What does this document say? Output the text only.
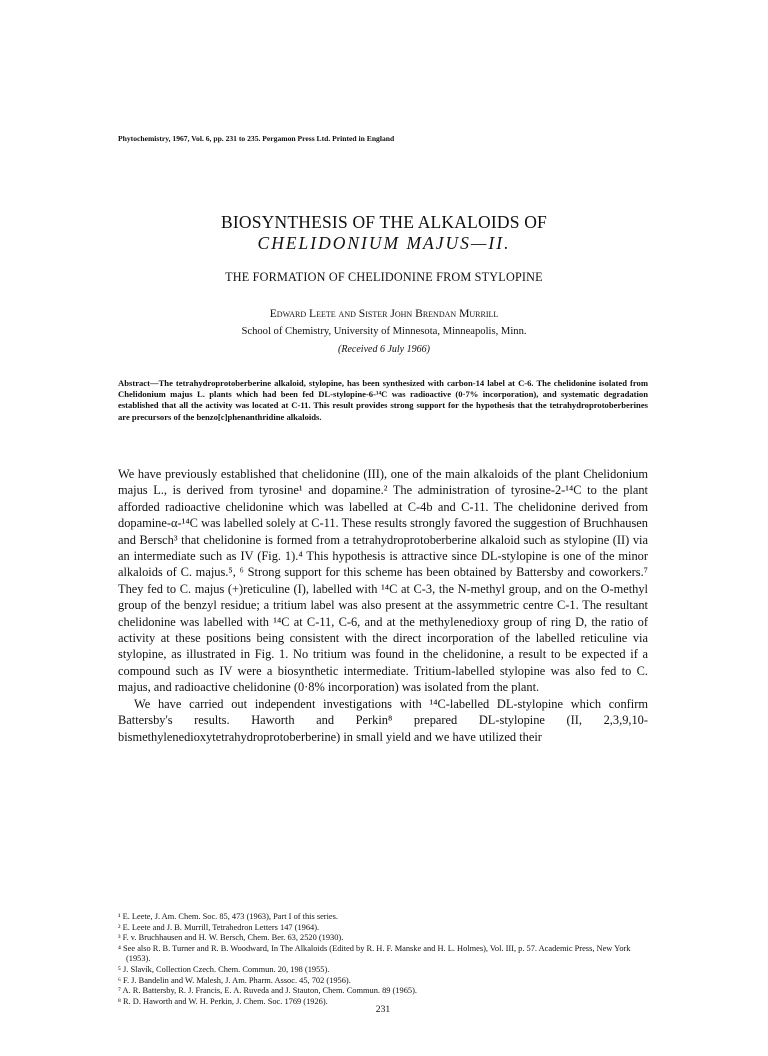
Phytochemistry, 1967, Vol. 6, pp. 231 to 235. Pergamon Press Ltd. Printed in England
BIOSYNTHESIS OF THE ALKALOIDS OF
CHELIDONIUM MAJUS—II.
THE FORMATION OF CHELIDONINE FROM STYLOPINE
Edward Leete and Sister John Brendan Murrill
School of Chemistry, University of Minnesota, Minneapolis, Minn.
(Received 6 July 1966)
Abstract—The tetrahydroprotoberberine alkaloid, stylopine, has been synthesized with carbon-14 label at C-6. The chelidonine isolated from Chelidonium majus L. plants which had been fed DL-stylopine-6-¹⁴C was radioactive (0·7% incorporation), and systematic degradation established that all the activity was located at C-11. This result provides strong support for the hypothesis that the tetrahydroprotoberberines are precursors of the benzo[c]phenanthridine alkaloids.

We have previously established that chelidonine (III), one of the main alkaloids of the plant Chelidonium majus L., is derived from tyrosine¹ and dopamine.² The administration of tyrosine-2-¹⁴C to the plant afforded radioactive chelidonine which was labelled at C-4b and C-11. The chelidonine derived from dopamine-α-¹⁴C was labelled solely at C-11. These results strongly favored the suggestion of Bruchhausen and Bersch³ that chelidonine is formed from a tetrahydroprotoberberine alkaloid such as stylopine (II) via an intermediate such as IV (Fig. 1).⁴ This hypothesis is attractive since DL-stylopine is one of the minor alkaloids of C. majus.⁵, ⁶ Strong support for this scheme has been obtained by Battersby and coworkers.⁷ They fed to C. majus (+)reticuline (I), labelled with ¹⁴C at C-3, the N-methyl group, and on the O-methyl group of the benzyl residue; a tritium label was also present at the assymmetric centre C-1. The resultant chelidonine was labelled with ¹⁴C at C-11, C-6, and at the methylenedioxy group of ring D, the ratio of activity at these positions being consistent with the direct incorporation of the labelled reticuline via stylopine, as illustrated in Fig. 1. No tritium was found in the chelidonine, a result to be expected if a compound such as IV were a biosynthetic intermediate. Tritium-labelled stylopine was also fed to C. majus, and radioactive chelidonine (0·8% incorporation) was isolated from the plant.

We have carried out independent investigations with ¹⁴C-labelled DL-stylopine which confirm Battersby's results. Haworth and Perkin⁸ prepared DL-stylopine (II, 2,3,9,10-bismethylenedioxytetrahydroprotoberberine) in small yield and we have utilized their

¹ E. Leete, J. Am. Chem. Soc. 85, 473 (1963), Part I of this series.
² E. Leete and J. B. Murrill, Tetrahedron Letters 147 (1964).
³ F. v. Bruchhausen and H. W. Bersch, Chem. Ber. 63, 2520 (1930).
⁴ See also R. B. Turner and R. B. Woodward, In The Alkaloids (Edited by R. H. F. Manske and H. L. Holmes), Vol. III, p. 57. Academic Press, New York (1953).
⁵ J. Slavík, Collection Czech. Chem. Commun. 20, 198 (1955).
⁶ F. J. Bandelin and W. Malesh, J. Am. Pharm. Assoc. 45, 702 (1956).
⁷ A. R. Battersby, R. J. Francis, E. A. Ruveda and J. Stauton, Chem. Commun. 89 (1965).
⁸ R. D. Haworth and W. H. Perkin, J. Chem. Soc. 1769 (1926).
231
